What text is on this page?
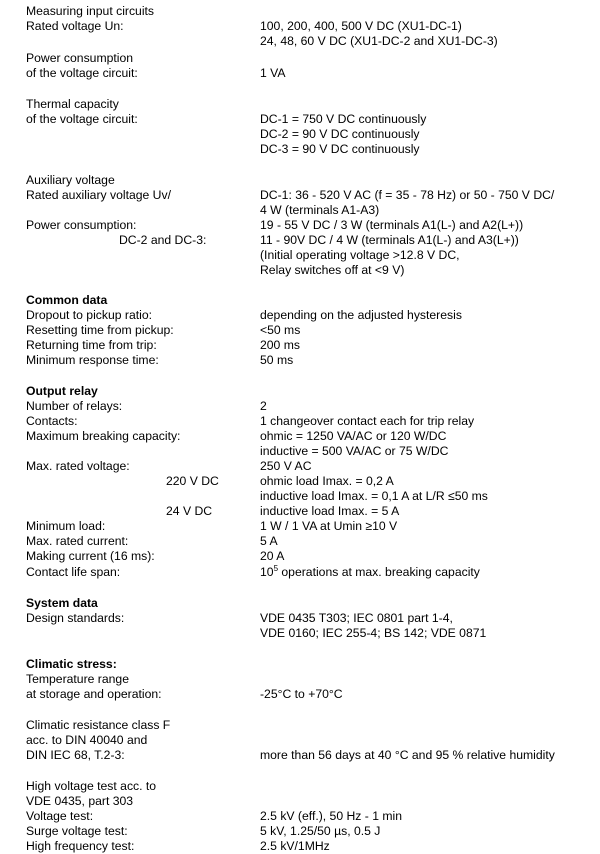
Measuring input circuits
Rated voltage Un:	100, 200, 400, 500 V DC (XU1-DC-1)
24, 48, 60 V DC (XU1-DC-2 and XU1-DC-3)
Power consumption
of the voltage circuit:	1 VA
Thermal capacity
of the voltage circuit:	DC-1 = 750 V DC continuously
DC-2 = 90 V DC continuously
DC-3 = 90 V DC continuously
Auxiliary voltage
Rated auxiliary voltage Uv/	DC-1: 36 - 520 V AC (f = 35 - 78 Hz) or 50 - 750 V DC/
4 W (terminals A1-A3)
Power consumption:	19 - 55 V DC / 3 W (terminals A1(L-) and A2(L+))
DC-2 and DC-3:	11 - 90V DC / 4 W (terminals A1(L-) and A3(L+))
(Initial operating voltage >12.8 V DC,
Relay switches off at <9 V)
Common data
Dropout to pickup ratio:	depending on the adjusted hysteresis
Resetting time from pickup:	<50 ms
Returning time from trip:	200 ms
Minimum response time:	50 ms
Output relay
Number of relays:	2
Contacts:	1 changeover contact each for trip relay
Maximum breaking capacity:	ohmic = 1250 VA/AC or 120 W/DC
inductive = 500 VA/AC or 75 W/DC
Max. rated voltage:	250 V AC
220 V DC	ohmic load Imax. = 0,2 A
inductive load Imax. = 0,1 A at L/R ≤50 ms
24 V DC	inductive load Imax. = 5 A
Minimum load:	1 W / 1 VA at Umin ≥10 V
Max. rated current:	5 A
Making current (16 ms):	20 A
Contact life span:	$10^5$ operations at max. breaking capacity
System data
Design standards:	VDE 0435 T303; IEC 0801 part 1-4,
VDE 0160; IEC 255-4; BS 142; VDE 0871
Climatic stress:
Temperature range
at storage and operation:	-25°C to +70°C
Climatic resistance class F
acc. to DIN 40040 and
DIN IEC 68, T.2-3:	more than 56 days at 40 °C and 95 % relative humidity
High voltage test acc. to
VDE 0435, part 303
Voltage test:	2.5 kV (eff.), 50 Hz - 1 min
Surge voltage test:	5 kV, 1.25/50 µs, 0.5 J
High frequency test:	2.5 kV/1MHz
